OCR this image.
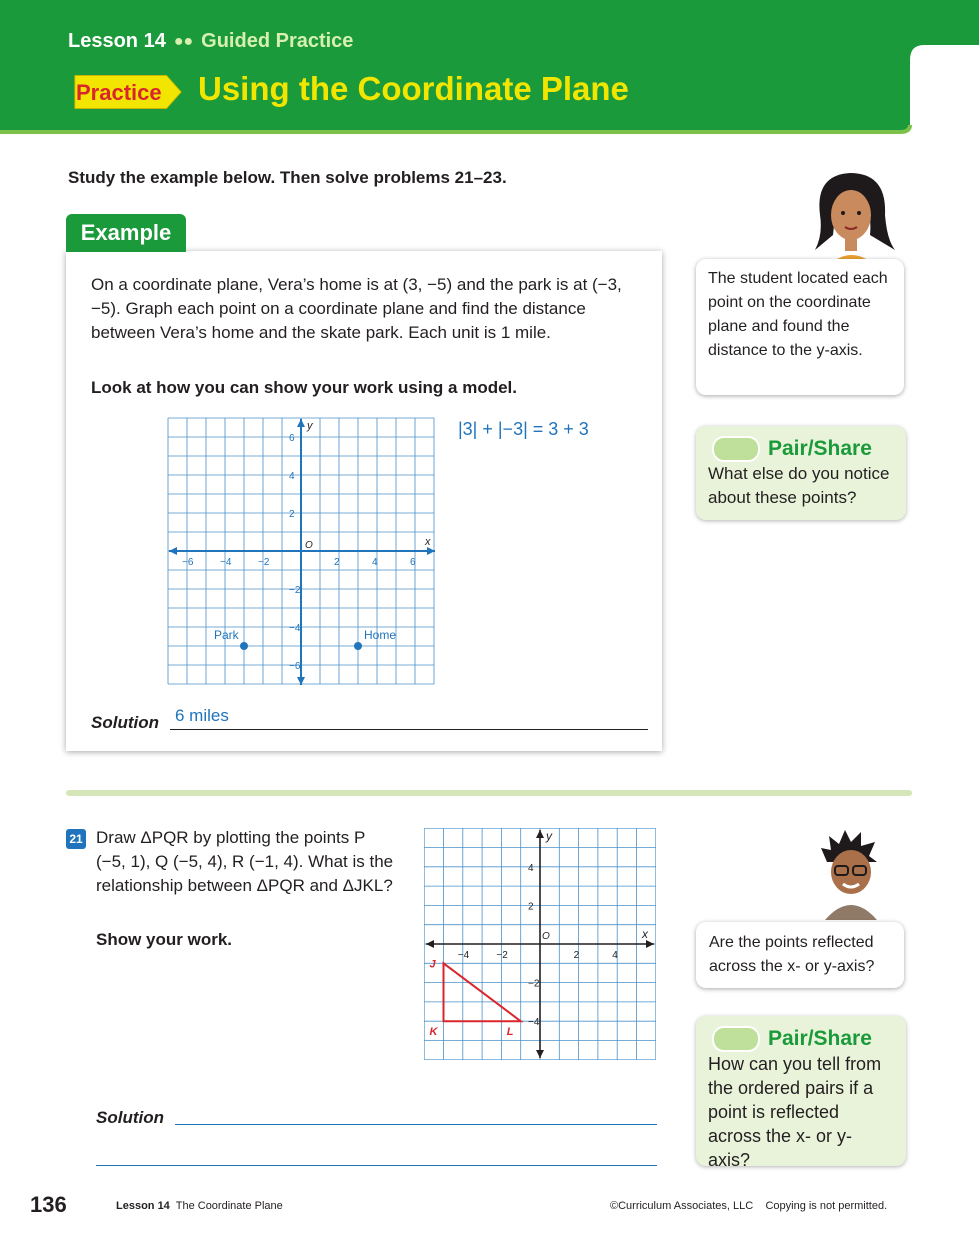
Lesson 14 ●● Guided Practice
Practice Using the Coordinate Plane
Study the example below. Then solve problems 21–23.
Example
On a coordinate plane, Vera’s home is at (3, −5) and the park is at (−3, −5). Graph each point on a coordinate plane and find the distance between Vera’s home and the skate park. Each unit is 1 mile.
Look at how you can show your work using a model.
|3| + |−3| = 3 + 3
x
y
O
−6	−4	−2	2	4	6
6
4
2
−2
−4
−6
Park	Home
Solution 6 miles
The student located each point on the coordinate plane and found the distance to the y-axis.
Pair/Share
What else do you notice about these points?
21 Draw ΔPQR by plotting the points P (−5, 1), Q (−5, 4), R (−1, 4). What is the relationship between ΔPQR and ΔJKL?
Show your work.	x
y
O
−4	−2	2	4
4
2
−2
−4
J
K	L
Solution
Are the points reflected across the x- or y-axis?
Pair/Share
How can you tell from the ordered pairs if a point is reflected across the x- or y-axis?
136	Lesson 14 The Coordinate Plane	©Curriculum Associates, LLC Copying is not permitted.
